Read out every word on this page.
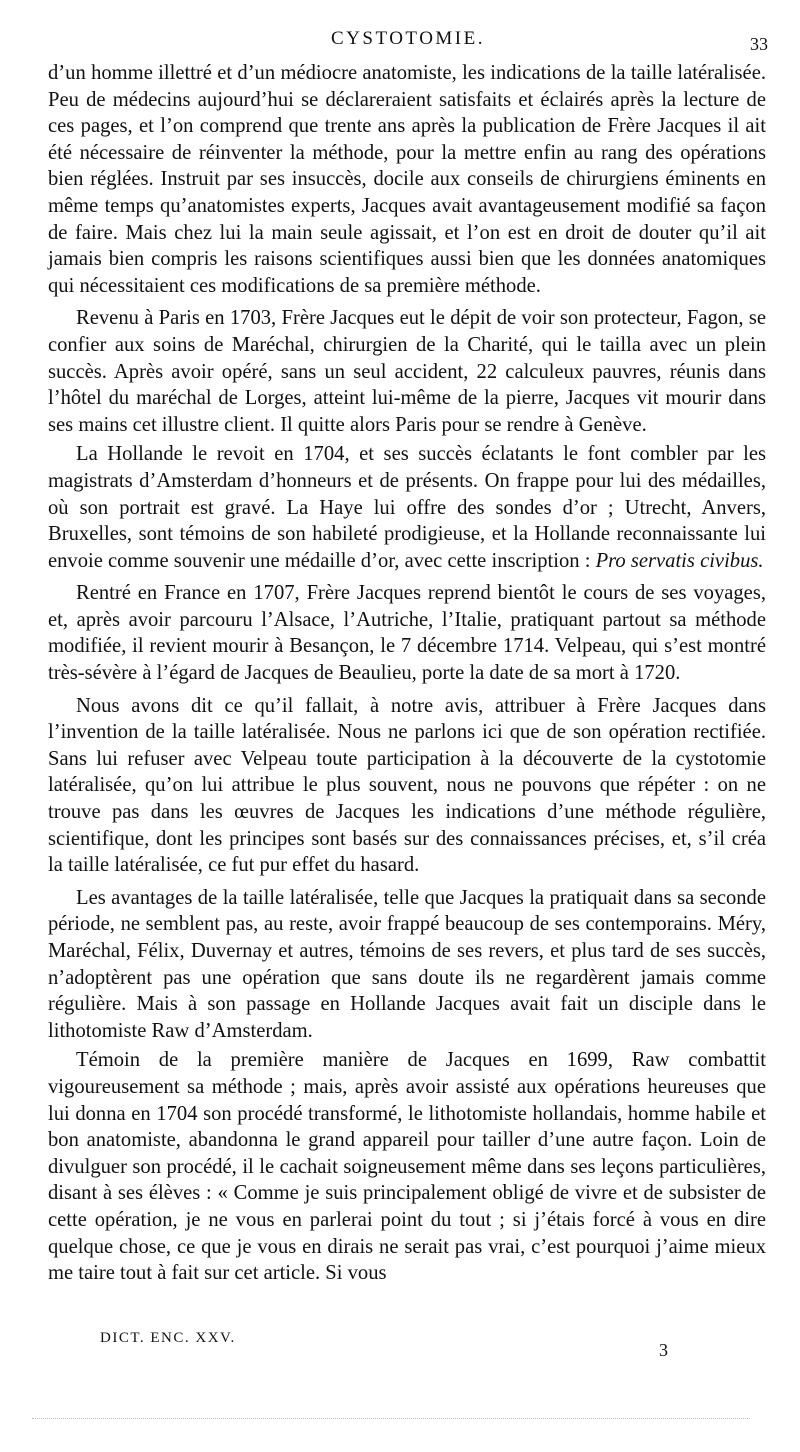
CYSTOTOMIE.	33

d’un homme illettré et d’un médiocre anatomiste, les indications de la taille latéralisée. Peu de médecins aujourd’hui se déclareraient satisfaits et éclairés après la lecture de ces pages, et l’on comprend que trente ans après la publication de Frère Jacques il ait été nécessaire de réinventer la méthode, pour la mettre enfin au rang des opérations bien réglées. Instruit par ses insuccès, docile aux conseils de chirurgiens éminents en même temps qu’anatomistes experts, Jacques avait avantageusement modifié sa façon de faire. Mais chez lui la main seule agissait, et l’on est en droit de douter qu’il ait jamais bien compris les raisons scientifiques aussi bien que les données anatomiques qui nécessitaient ces modifications de sa première méthode.

Revenu à Paris en 1703, Frère Jacques eut le dépit de voir son protecteur, Fagon, se confier aux soins de Maréchal, chirurgien de la Charité, qui le tailla avec un plein succès. Après avoir opéré, sans un seul accident, 22 calculeux pauvres, réunis dans l’hôtel du maréchal de Lorges, atteint lui-même de la pierre, Jacques vit mourir dans ses mains cet illustre client. Il quitte alors Paris pour se rendre à Genève.

La Hollande le revoit en 1704, et ses succès éclatants le font combler par les magistrats d’Amsterdam d’honneurs et de présents. On frappe pour lui des médailles, où son portrait est gravé. La Haye lui offre des sondes d’or ; Utrecht, Anvers, Bruxelles, sont témoins de son habileté prodigieuse, et la Hollande reconnaissante lui envoie comme souvenir une médaille d’or, avec cette inscription : Pro servatis civibus.

Rentré en France en 1707, Frère Jacques reprend bientôt le cours de ses voyages, et, après avoir parcouru l’Alsace, l’Autriche, l’Italie, pratiquant partout sa méthode modifiée, il revient mourir à Besançon, le 7 décembre 1714. Velpeau, qui s’est montré très-sévère à l’égard de Jacques de Beaulieu, porte la date de sa mort à 1720.

Nous avons dit ce qu’il fallait, à notre avis, attribuer à Frère Jacques dans l’invention de la taille latéralisée. Nous ne parlons ici que de son opération rectifiée. Sans lui refuser avec Velpeau toute participation à la découverte de la cystotomie latéralisée, qu’on lui attribue le plus souvent, nous ne pouvons que répéter : on ne trouve pas dans les œuvres de Jacques les indications d’une méthode régulière, scientifique, dont les principes sont basés sur des connaissances précises, et, s’il créa la taille latéralisée, ce fut pur effet du hasard.

Les avantages de la taille latéralisée, telle que Jacques la pratiquait dans sa seconde période, ne semblent pas, au reste, avoir frappé beaucoup de ses contemporains. Méry, Maréchal, Félix, Duvernay et autres, témoins de ses revers, et plus tard de ses succès, n’adoptèrent pas une opération que sans doute ils ne regardèrent jamais comme régulière. Mais à son passage en Hollande Jacques avait fait un disciple dans le lithotomiste Raw d’Amsterdam.

Témoin de la première manière de Jacques en 1699, Raw combattit vigoureusement sa méthode ; mais, après avoir assisté aux opérations heureuses que lui donna en 1704 son procédé transformé, le lithotomiste hollandais, homme habile et bon anatomiste, abandonna le grand appareil pour tailler d’une autre façon. Loin de divulguer son procédé, il le cachait soigneusement même dans ses leçons particulières, disant à ses élèves : « Comme je suis principalement obligé de vivre et de subsister de cette opération, je ne vous en parlerai point du tout ; si j’étais forcé à vous en dire quelque chose, ce que je vous en dirais ne serait pas vrai, c’est pourquoi j’aime mieux me taire tout à fait sur cet article. Si vous

DICT. ENC. XXV.
3
